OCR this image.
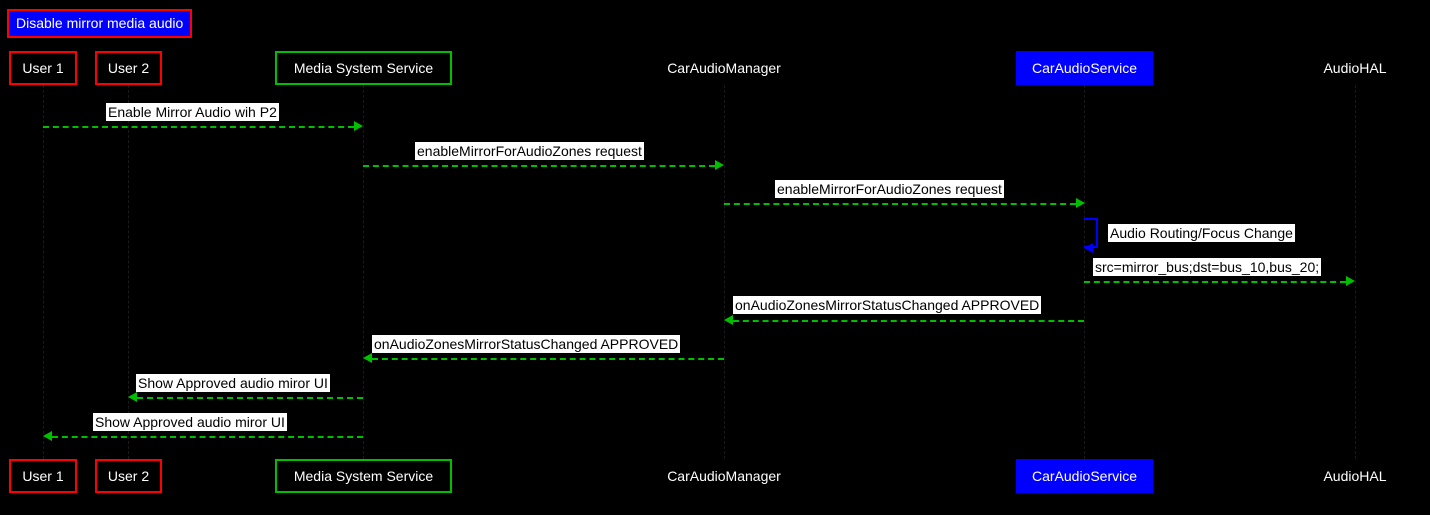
Disable mirror media audio
User 1	User 2	Media System Service	CarAudioManager	CarAudioService	AudioHAL
Enable Mirror Audio wih P2
enableMirrorForAudioZones request
enableMirrorForAudioZones request
Audio Routing/Focus Change
src=mirror_bus;dst=bus_10,bus_20;
onAudioZonesMirrorStatusChanged APPROVED
onAudioZonesMirrorStatusChanged APPROVED
Show Approved audio miror UI
Show Approved audio miror UI
User 1	User 2	Media System Service	CarAudioManager	CarAudioService	AudioHAL
